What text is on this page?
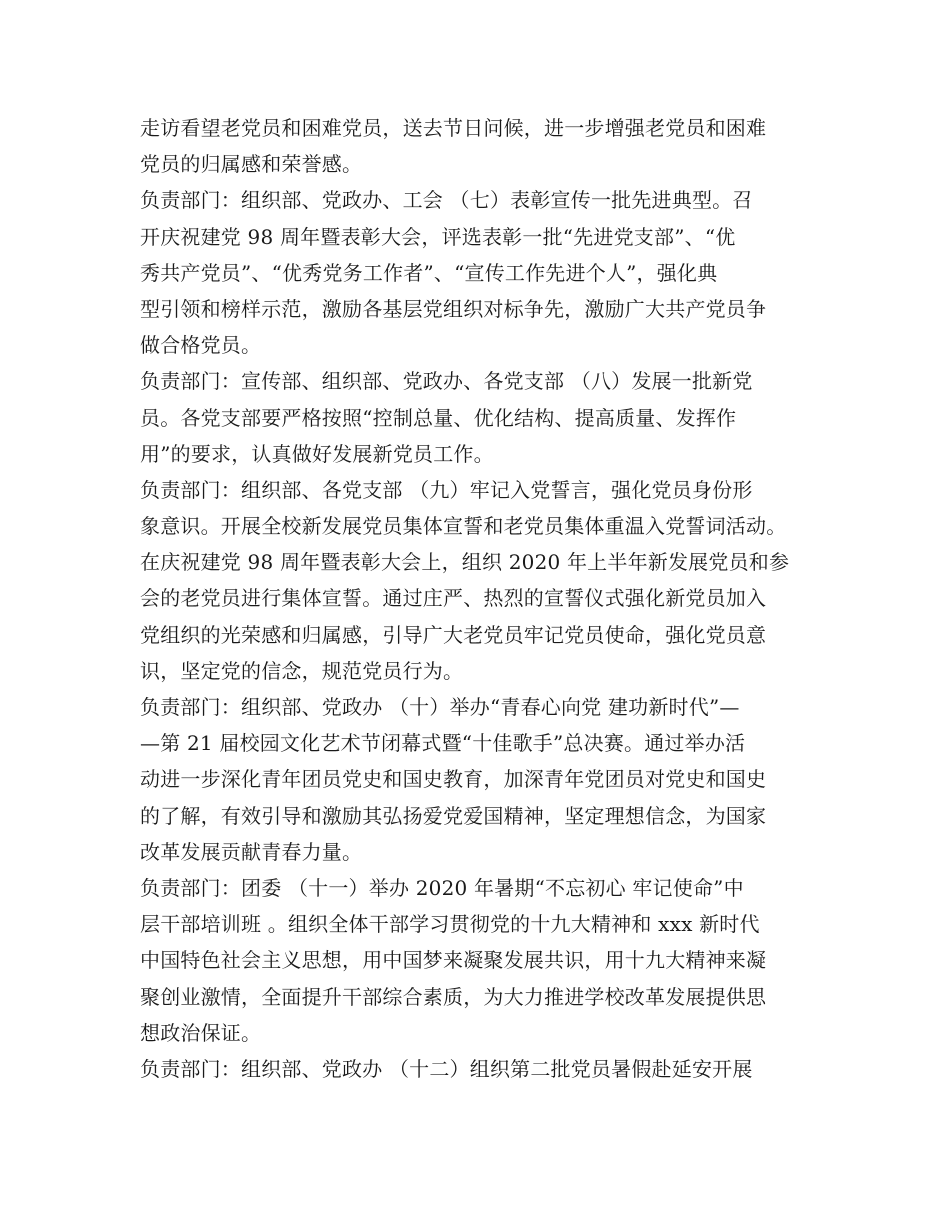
走访看望老党员和困难党员，送去节日问候，进一步增强老党员和困难
党员的归属感和荣誉感。
负责部门：组织部、党政办、工会 （七）表彰宣传一批先进典型。召
开庆祝建党 98 周年暨表彰大会，评选表彰一批“先进党支部”、“优
秀共产党员”、“优秀党务工作者”、“宣传工作先进个人”，强化典
型引领和榜样示范，激励各基层党组织对标争先，激励广大共产党员争
做合格党员。
负责部门：宣传部、组织部、党政办、各党支部 （八）发展一批新党
员。各党支部要严格按照“控制总量、优化结构、提高质量、发挥作
用”的要求，认真做好发展新党员工作。
负责部门：组织部、各党支部 （九）牢记入党誓言，强化党员身份形
象意识。开展全校新发展党员集体宣誓和老党员集体重温入党誓词活动。
在庆祝建党 98 周年暨表彰大会上，组织 2020 年上半年新发展党员和参
会的老党员进行集体宣誓。通过庄严、热烈的宣誓仪式强化新党员加入
党组织的光荣感和归属感，引导广大老党员牢记党员使命，强化党员意
识，坚定党的信念，规范党员行为。
负责部门：组织部、党政办 （十）举办“青春心向党 建功新时代”—
—第 21 届校园文化艺术节闭幕式暨“十佳歌手”总决赛。通过举办活
动进一步深化青年团员党史和国史教育，加深青年党团员对党史和国史
的了解，有效引导和激励其弘扬爱党爱国精神，坚定理想信念，为国家
改革发展贡献青春力量。
负责部门：团委 （十一）举办 2020 年暑期“不忘初心 牢记使命”中
层干部培训班 。组织全体干部学习贯彻党的十九大精神和 xxx 新时代
中国特色社会主义思想，用中国梦来凝聚发展共识，用十九大精神来凝
聚创业激情，全面提升干部综合素质，为大力推进学校改革发展提供思
想政治保证。
负责部门：组织部、党政办 （十二）组织第二批党员暑假赴延安开展
